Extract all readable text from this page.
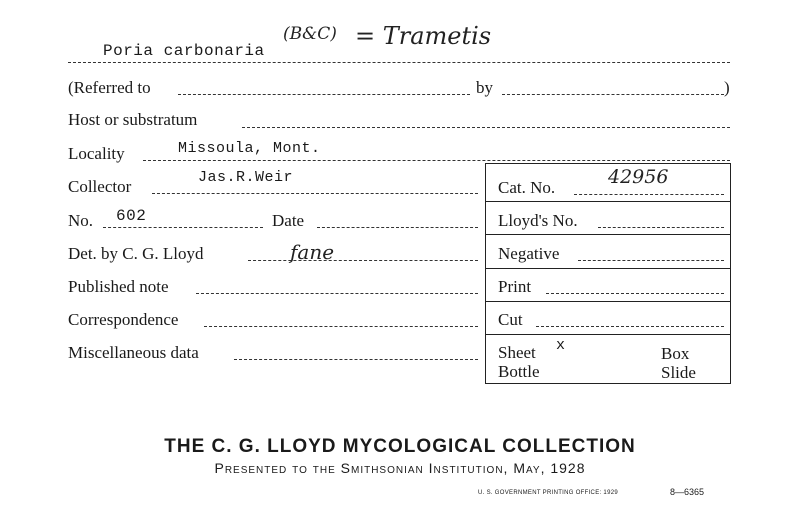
Poria carbonaria
(B&C) = Trametis
(Referred to	by	)
Host or substratum
Locality	Missoula, Mont.
Cat. No.	42956
Lloyd's No.
Negative
Print
Cut
Sheet x	Box
Bottle	Slide
Collector	Jas.R.Weir
No. 602	Date
Det. by C. G. Lloyd	fane
Published note
Correspondence
Miscellaneous data
THE C. G. LLOYD MYCOLOGICAL COLLECTION
Presented to the Smithsonian Institution, May, 1928
U. S. GOVERNMENT PRINTING OFFICE: 1929	8—6365
